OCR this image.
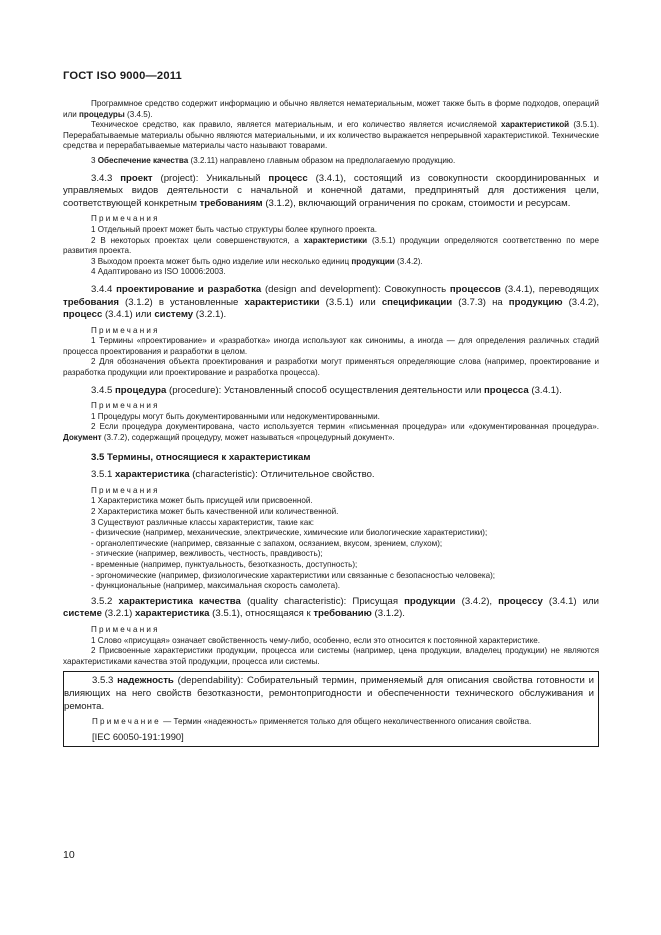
ГОСТ ISO 9000—2011

Программное средство содержит информацию и обычно является нематериальным, может также быть в форме подходов, операций или процедуры (3.4.5).

Техническое средство, как правило, является материальным, и его количество является исчисляемой характеристикой (3.5.1). Перерабатываемые материалы обычно являются материальными, и их количество выражается непрерывной характеристикой. Технические средства и перерабатываемые материалы часто называют товарами.

3 Обеспечение качества (3.2.11) направлено главным образом на предполагаемую продукцию.

3.4.3 проект (project): Уникальный процесс (3.4.1), состоящий из совокупности скоординированных и управляемых видов деятельности с начальной и конечной датами, предпринятый для достижения цели, соответствующей конкретным требованиям (3.1.2), включающий ограничения по срокам, стоимости и ресурсам.

Примечания

1 Отдельный проект может быть частью структуры более крупного проекта.

2 В некоторых проектах цели совершенствуются, а характеристики (3.5.1) продукции определяются соответственно по мере развития проекта.

3 Выходом проекта может быть одно изделие или несколько единиц продукции (3.4.2).

4 Адаптировано из ISO 10006:2003.

3.4.4 проектирование и разработка (design and development): Совокупность процессов (3.4.1), переводящих требования (3.1.2) в установленные характеристики (3.5.1) или спецификации (3.7.3) на продукцию (3.4.2), процесс (3.4.1) или систему (3.2.1).

Примечания

1 Термины «проектирование» и «разработка» иногда используют как синонимы, а иногда — для определения различных стадий процесса проектирования и разработки в целом.

2 Для обозначения объекта проектирования и разработки могут применяться определяющие слова (например, проектирование и разработка продукции или проектирование и разработка процесса).

3.4.5 процедура (procedure): Установленный способ осуществления деятельности или процесса (3.4.1).

Примечания

1 Процедуры могут быть документированными или недокументированными.

2 Если процедура документирована, часто используется термин «письменная процедура» или «документированная процедура». Документ (3.7.2), содержащий процедуру, может называться «процедурный документ».

3.5 Термины, относящиеся к характеристикам

3.5.1 характеристика (characteristic): Отличительное свойство.

Примечания

1 Характеристика может быть присущей или присвоенной.

2 Характеристика может быть качественной или количественной.

3 Существуют различные классы характеристик, такие как:

- физические (например, механические, электрические, химические или биологические характеристики);

- органолептические (например, связанные с запахом, осязанием, вкусом, зрением, слухом);

- этические (например, вежливость, честность, правдивость);

- временные (например, пунктуальность, безотказность, доступность);

- эргономические (например, физиологические характеристики или связанные с безопасностью человека);

- функциональные (например, максимальная скорость самолета).

3.5.2 характеристика качества (quality characteristic): Присущая продукции (3.4.2), процессу (3.4.1) или системе (3.2.1) характеристика (3.5.1), относящаяся к требованию (3.1.2).

Примечания

1 Слово «присущая» означает свойственность чему-либо, особенно, если это относится к постоянной характеристике.

2 Присвоенные характеристики продукции, процесса или системы (например, цена продукции, владелец продукции) не являются характеристиками качества этой продукции, процесса или системы.

3.5.3 надежность (dependability): Собирательный термин, применяемый для описания свойства готовности и влияющих на него свойств безотказности, ремонтопригодности и обеспеченности технического обслуживания и ремонта.

Примечание — Термин «надежность» применяется только для общего неколичественного описания свойства.

[IEC 60050-191:1990]

10
